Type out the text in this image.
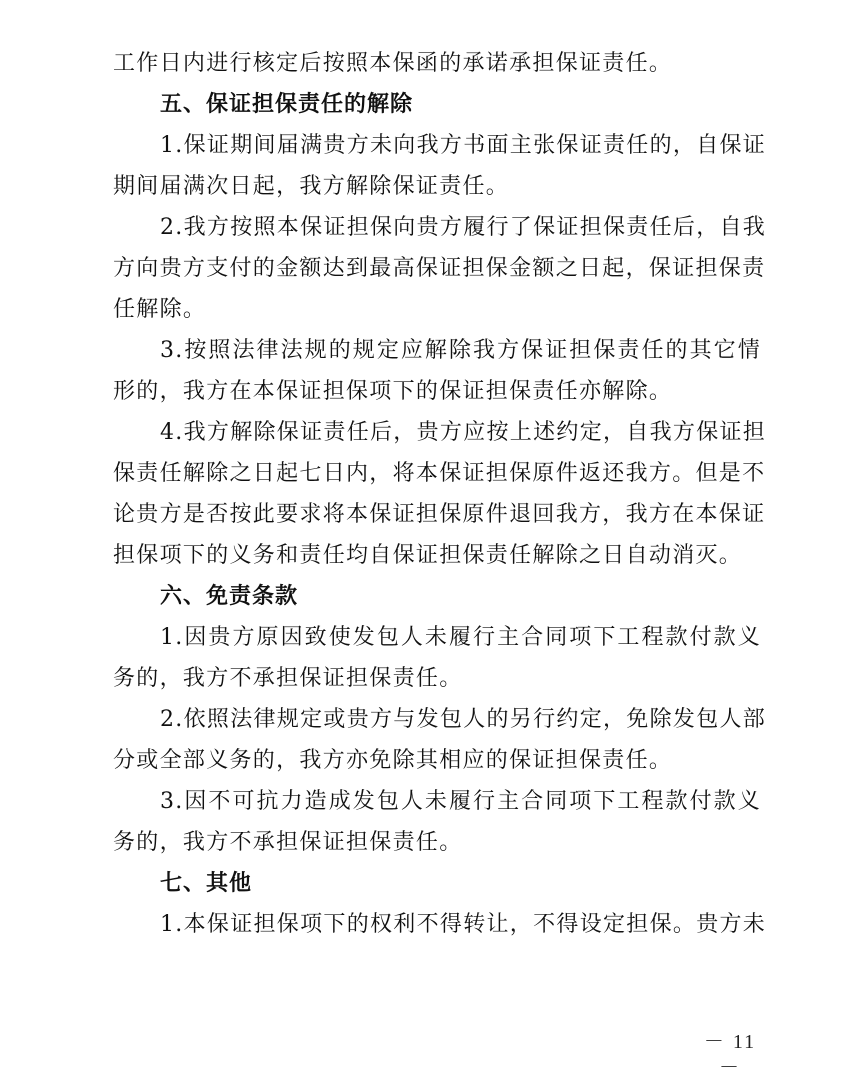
工作日内进行核定后按照本保函的承诺承担保证责任。
五、保证担保责任的解除
1.保证期间届满贵方未向我方书面主张保证责任的，自保证
期间届满次日起，我方解除保证责任。
2.我方按照本保证担保向贵方履行了保证担保责任后，自我
方向贵方支付的金额达到最高保证担保金额之日起，保证担保责
任解除。
3.按照法律法规的规定应解除我方保证担保责任的其它情
形的，我方在本保证担保项下的保证担保责任亦解除。
4.我方解除保证责任后，贵方应按上述约定，自我方保证担
保责任解除之日起七日内，将本保证担保原件返还我方。但是不
论贵方是否按此要求将本保证担保原件退回我方，我方在本保证
担保项下的义务和责任均自保证担保责任解除之日自动消灭。
六、免责条款
1.因贵方原因致使发包人未履行主合同项下工程款付款义
务的，我方不承担保证担保责任。
2.依照法律规定或贵方与发包人的另行约定，免除发包人部
分或全部义务的，我方亦免除其相应的保证担保责任。
3.因不可抗力造成发包人未履行主合同项下工程款付款义
务的，我方不承担保证担保责任。
七、其他
1.本保证担保项下的权利不得转让，不得设定担保。贵方未
－ 11 －
